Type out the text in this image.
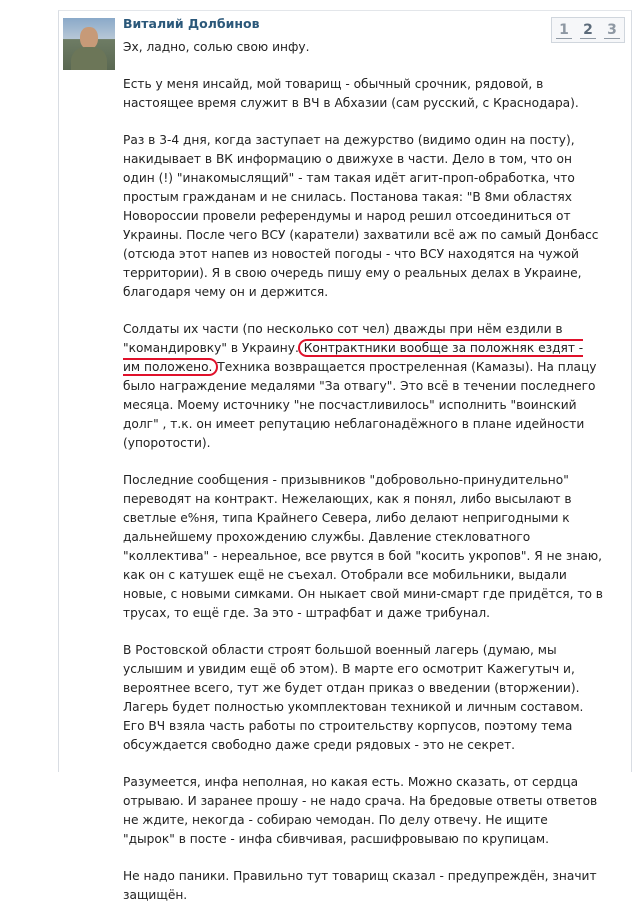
Виталий Долбинов	1 2 3

Эх, ладно, солью свою инфу.

Есть у меня инсайд, мой товарищ - обычный срочник, рядовой, в настоящее время служит в ВЧ в Абхазии (сам русский, с Краснодара).

Раз в 3-4 дня, когда заступает на дежурство (видимо один на посту), накидывает в ВК информацию о движухе в части. Дело в том, что он один (!) "инакомыслящий" - там такая идёт агит-проп-обработка, что простым гражданам и не снилась. Постанова такая: "В 8ми областях Новороссии провели референдумы и народ решил отсоединиться от Украины. После чего ВСУ (каратели) захватили всё аж по самый Донбасс (отсюда этот напев из новостей погоды - что ВСУ находятся на чужой территории). Я в свою очередь пишу ему о реальных делах в Украине, благодаря чему он и держится.

Солдаты их части (по несколько сот чел) дважды при нём ездили в "командировку" в Украину. Контрактники вообще за положняк ездят - им положено. Техника возвращается простреленная (Камазы). На плацу было награждение медалями "За отвагу". Это всё в течении последнего месяца. Моему источнику "не посчастливилось" исполнить "воинский долг" , т.к. он имеет репутацию неблагонадёжного в плане идейности (упоротости).

Последние сообщения - призывников "добровольно-принудительно" переводят на контракт. Нежелающих, как я понял, либо высылают в светлые е%ня, типа Крайнего Севера, либо делают непригодными к дальнейшему прохождению службы. Давление стекловатного "коллектива" - нереальное, все рвутся в бой "косить укропов". Я не знаю, как он с катушек ещё не съехал. Отобрали все мобильники, выдали новые, с новыми симками. Он ныкает свой мини-смарт где придётся, то в трусах, то ещё где. За это - штрафбат и даже трибунал.

В Ростовской области строят большой военный лагерь (думаю, мы услышим и увидим ещё об этом). В марте его осмотрит Кажегутыч и, вероятнее всего, тут же будет отдан приказ о введении (вторжении). Лагерь будет полностью укомплектован техникой и личным составом. Его ВЧ взяла часть работы по строительству корпусов, поэтому тема обсуждается свободно даже среди рядовых - это не секрет.

Разумеется, инфа неполная, но какая есть. Можно сказать, от сердца отрываю. И заранее прошу - не надо срача. На бредовые ответы ответов не ждите, некогда - собираю чемодан. По делу отвечу. Не ищите "дырок" в посте - инфа сбивчивая, расшифровываю по крупицам.

Не надо паники. Правильно тут товарищ сказал - предупреждён, значит защищён.
